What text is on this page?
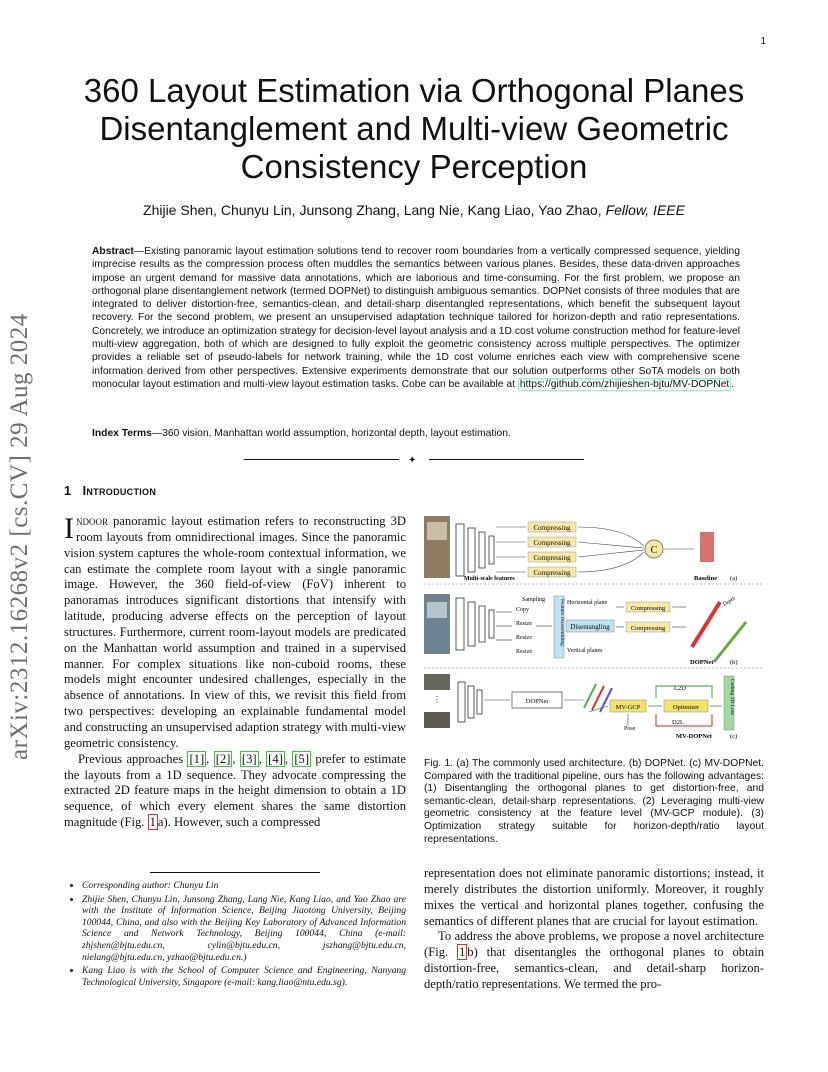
1
arXiv:2312.16268v2 [cs.CV] 29 Aug 2024
360 Layout Estimation via Orthogonal Planes Disentanglement and Multi-view Geometric Consistency Perception
Zhijie Shen, Chunyu Lin, Junsong Zhang, Lang Nie, Kang Liao, Yao Zhao, Fellow, IEEE
Abstract—Existing panoramic layout estimation solutions tend to recover room boundaries from a vertically compressed sequence, yielding imprecise results as the compression process often muddles the semantics between various planes. Besides, these data-driven approaches impose an urgent demand for massive data annotations, which are laborious and time-consuming. For the first problem, we propose an orthogonal plane disentanglement network (termed DOPNet) to distinguish ambiguous semantics. DOPNet consists of three modules that are integrated to deliver distortion-free, semantics-clean, and detail-sharp disentangled representations, which benefit the subsequent layout recovery. For the second problem, we present an unsupervised adaptation technique tailored for horizon-depth and ratio representations. Concretely, we introduce an optimization strategy for decision-level layout analysis and a 1D cost volume construction method for feature-level multi-view aggregation, both of which are designed to fully exploit the geometric consistency across multiple perspectives. The optimizer provides a reliable set of pseudo-labels for network training, while the 1D cost volume enriches each view with comprehensive scene information derived from other perspectives. Extensive experiments demonstrate that our solution outperforms other SoTA models on both monocular layout estimation and multi-view layout estimation tasks. Cobe can be available at https://github.com/zhijieshen-bjtu/MV-DOPNet .
Index Terms—360 vision, Manhattan world assumption, horizontal depth, layout estimation.
✦
1 Introduction

Indoor panoramic layout estimation refers to reconstructing 3D room layouts from omnidirectional images. Since the panoramic vision system captures the whole-room contextual information, we can estimate the complete room layout with a single panoramic image. However, the 360 field-of-view (FoV) inherent to panoramas introduces significant distortions that intensify with latitude, producing adverse effects on the perception of layout structures. Furthermore, current room-layout models are predicated on the Manhattan world assumption and trained in a supervised manner. For complex situations like non-cuboid rooms, these models might encounter undesired challenges, especially in the absence of annotations. In view of this, we revisit this field from two perspectives: developing an explainable fundamental model and constructing an unsupervised adaption strategy with multi-view geometric consistency.

Previous approaches [1] , [2] , [3] , [4] , [5] prefer to estimate the layouts from a 1D sequence. They advocate compressing the extracted 2D feature maps in the height dimension to obtain a 1D sequence, of which every element shares the same distortion magnitude (Fig. 1 a). However, such a compressed

• Corresponding author: Chunyu Lin
• Zhijie Shen, Chunyu Lin, Junsong Zhang, Lang Nie, Kang Liao, and Yao Zhao are with the Institute of Information Science, Beijing Jiaotong University, Beijing 100044, China, and also with the Beijing Key Laboratory of Advanced Information Science and Network Technology, Beijing 100044, China (e-mail: zhjshen@bjtu.edu.cn, cylin@bjtu.edu.cn, jszhang@bjtu.edu.cn, nielang@bjtu.edu.cn, yzhao@bjtu.edu.cn.)
• Kang Liao is with the School of Computer Science and Engineering, Nanyang Technological University, Singapore (e-mail: kang.liao@ntu.edu.sg).
Compressing
Compressing
Compressing
Compressing
C
Multi-scale features	Baseline (a)
Sampling
Copy
Resize
Resize
Resize
Feature reassembling Horizontal plane
Disentangling
Vertical planes
Compressing
Compressing
Depth
DOPNet	(b)
⋮	DOPNet
MV-GCP
Pose
Optimizer
L2D
D2L
Ceiling 1D Loss
MV-DOPNet	(c)
Fig. 1. (a) The commonly used architecture. (b) DOPNet. (c) MV-DOPNet. Compared with the traditional pipeline, ours has the following advantages: (1) Disentangling the orthogonal planes to get distortion-free, and semantic-clean, detail-sharp representations. (2) Leveraging multi-view geometric consistency at the feature level (MV-GCP module). (3) Optimization strategy suitable for horizon-depth/ratio layout representations.

representation does not eliminate panoramic distortions; instead, it merely distributes the distortion uniformly. Moreover, it roughly mixes the vertical and horizontal planes together, confusing the semantics of different planes that are crucial for layout estimation.

To address the above problems, we propose a novel architecture (Fig. 1 b) that disentangles the orthogonal planes to obtain distortion-free, semantics-clean, and detail-sharp horizon-depth/ratio representations. We termed the pro-
